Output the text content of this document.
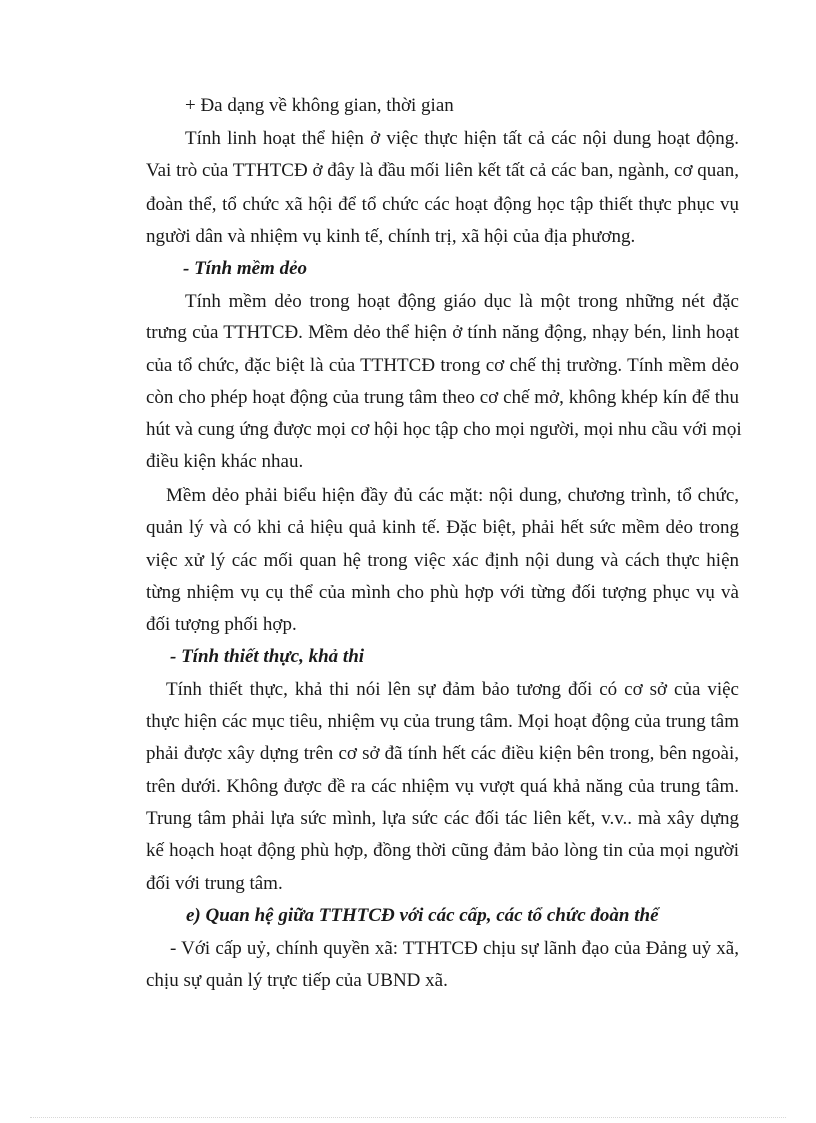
+ Đa dạng về không gian, thời gian
Tính linh hoạt thể hiện ở việc thực hiện tất cả các nội dung hoạt động.
Vai trò của TTHTCĐ ở đây là đầu mối liên kết tất cả các ban, ngành, cơ quan,
đoàn thể, tổ chức xã hội để tổ chức các hoạt động học tập thiết thực phục vụ
người dân và nhiệm vụ kinh tế, chính trị, xã hội của địa phương.
- Tính mềm dẻo
Tính mềm dẻo trong hoạt động giáo dục là một trong những nét đặc
trưng của TTHTCĐ. Mềm dẻo thể hiện ở tính năng động, nhạy bén, linh hoạt
của tổ chức, đặc biệt là của TTHTCĐ trong cơ chế thị trường. Tính mềm dẻo
còn cho phép hoạt động của trung tâm theo cơ chế mở, không khép kín để thu
hút và cung ứng được mọi cơ hội học tập cho mọi người, mọi nhu cầu với mọi
điều kiện khác nhau.
Mềm dẻo phải biểu hiện đầy đủ các mặt: nội dung, chương trình, tổ chức,
quản lý và có khi cả hiệu quả kinh tế. Đặc biệt, phải hết sức mềm dẻo trong
việc xử lý các mối quan hệ trong việc xác định nội dung và cách thực hiện
từng nhiệm vụ cụ thể của mình cho phù hợp với từng đối tượng phục vụ và
đối tượng phối hợp.
- Tính thiết thực, khả thi
Tính thiết thực, khả thi nói lên sự đảm bảo tương đối có cơ sở của việc
thực hiện các mục tiêu, nhiệm vụ của trung tâm. Mọi hoạt động của trung tâm
phải được xây dựng trên cơ sở đã tính hết các điều kiện bên trong, bên ngoài,
trên dưới. Không được đề ra các nhiệm vụ vượt quá khả năng của trung tâm.
Trung tâm phải lựa sức mình, lựa sức các đối tác liên kết, v.v.. mà xây dựng
kế hoạch hoạt động phù hợp, đồng thời cũng đảm bảo lòng tin của mọi người
đối với trung tâm.
e) Quan hệ giữa TTHTCĐ với các cấp, các tổ chức đoàn thể
- Với cấp uỷ, chính quyền xã: TTHTCĐ chịu sự lãnh đạo của Đảng uỷ xã,
chịu sự quản lý trực tiếp của UBND xã.
